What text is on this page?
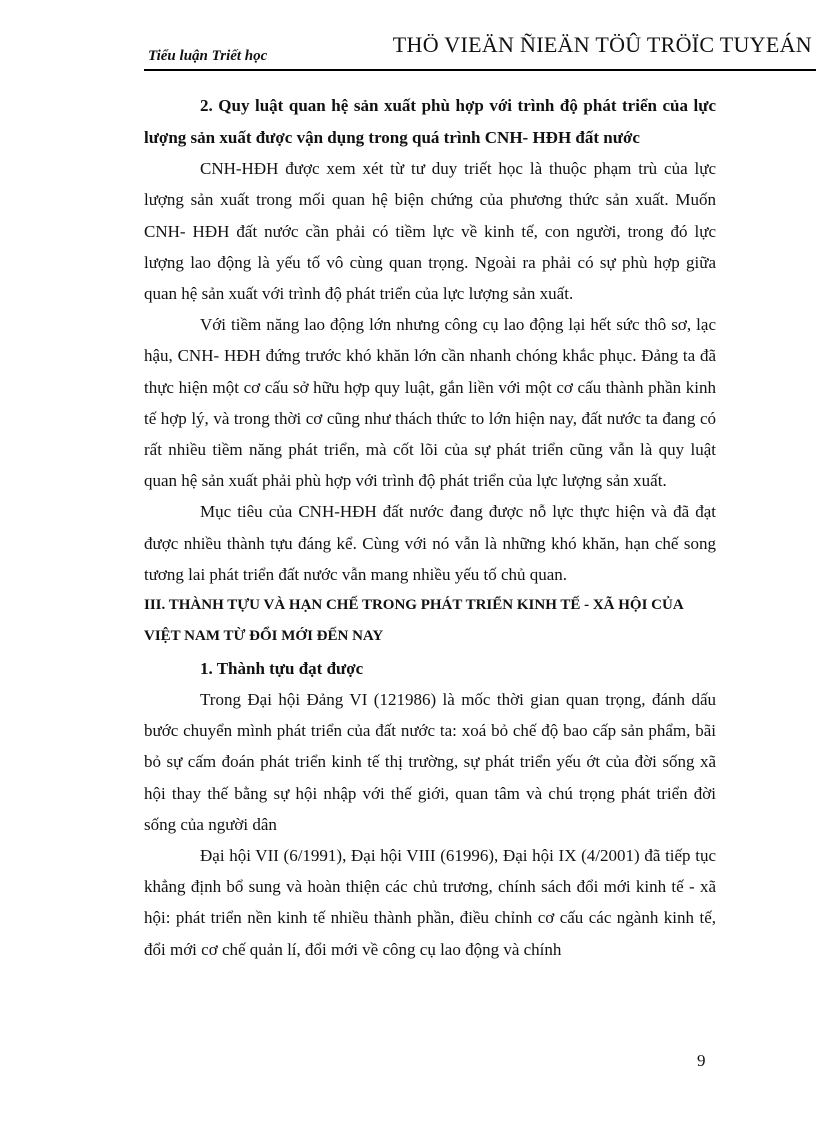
Tiểu luận Triết học	THÖ VIEÄN ÑIEÄN TÖÛ TRÖÏC TUYEÁN

2. Quy luật quan hệ sản xuất phù hợp với trình độ phát triển của lực lượng sản xuất được vận dụng trong quá trình CNH- HĐH đất nước

CNH-HĐH được xem xét từ tư duy triết học là thuộc phạm trù của lực lượng sản xuất trong mối quan hệ biện chứng của phương thức sản xuất. Muốn CNH- HĐH đất nước cần phải có tiềm lực về kinh tế, con người, trong đó lực lượng lao động là yếu tố vô cùng quan trọng. Ngoài ra phải có sự phù hợp giữa quan hệ sản xuất với trình độ phát triển của lực lượng sản xuất.

Với tiềm năng lao động lớn nhưng công cụ lao động lại hết sức thô sơ, lạc hậu, CNH- HĐH đứng trước khó khăn lớn cần nhanh chóng khắc phục. Đảng ta đã thực hiện một cơ cấu sở hữu hợp quy luật, gắn liền với một cơ cấu thành phần kinh tế hợp lý, và trong thời cơ cũng như thách thức to lớn hiện nay, đất nước ta đang có rất nhiều tiềm năng phát triển, mà cốt lõi của sự phát triển cũng vẫn là quy luật quan hệ sản xuất phải phù hợp với trình độ phát triển của lực lượng sản xuất.

Mục tiêu của CNH-HĐH đất nước đang được nỗ lực thực hiện và đã đạt được nhiều thành tựu đáng kể. Cùng với nó vẫn là những khó khăn, hạn chế song tương lai phát triển đất nước vẫn mang nhiều yếu tố chủ quan.

III. THÀNH TỰU VÀ HẠN CHẾ TRONG PHÁT TRIỂN KINH TẾ - XÃ HỘI CỦA VIỆT NAM TỪ ĐỔI MỚI ĐẾN NAY

1. Thành tựu đạt được

Trong Đại hội Đảng VI (121986) là mốc thời gian quan trọng, đánh dấu bước chuyển mình phát triển của đất nước ta: xoá bỏ chế độ bao cấp sản phẩm, bãi bỏ sự cấm đoán phát triển kinh tế thị trường, sự phát triển yếu ớt của đời sống xã hội thay thế bằng sự hội nhập với thế giới, quan tâm và chú trọng phát triển đời sống của người dân

Đại hội VII (6/1991), Đại hội VIII (61996), Đại hội IX (4/2001) đã tiếp tục khẳng định bổ sung và hoàn thiện các chủ trương, chính sách đổi mới kinh tế - xã hội: phát triển nền kinh tế nhiều thành phần, điều chỉnh cơ cấu các ngành kinh tế, đổi mới cơ chế quản lí, đổi mới về công cụ lao động và chính

9
